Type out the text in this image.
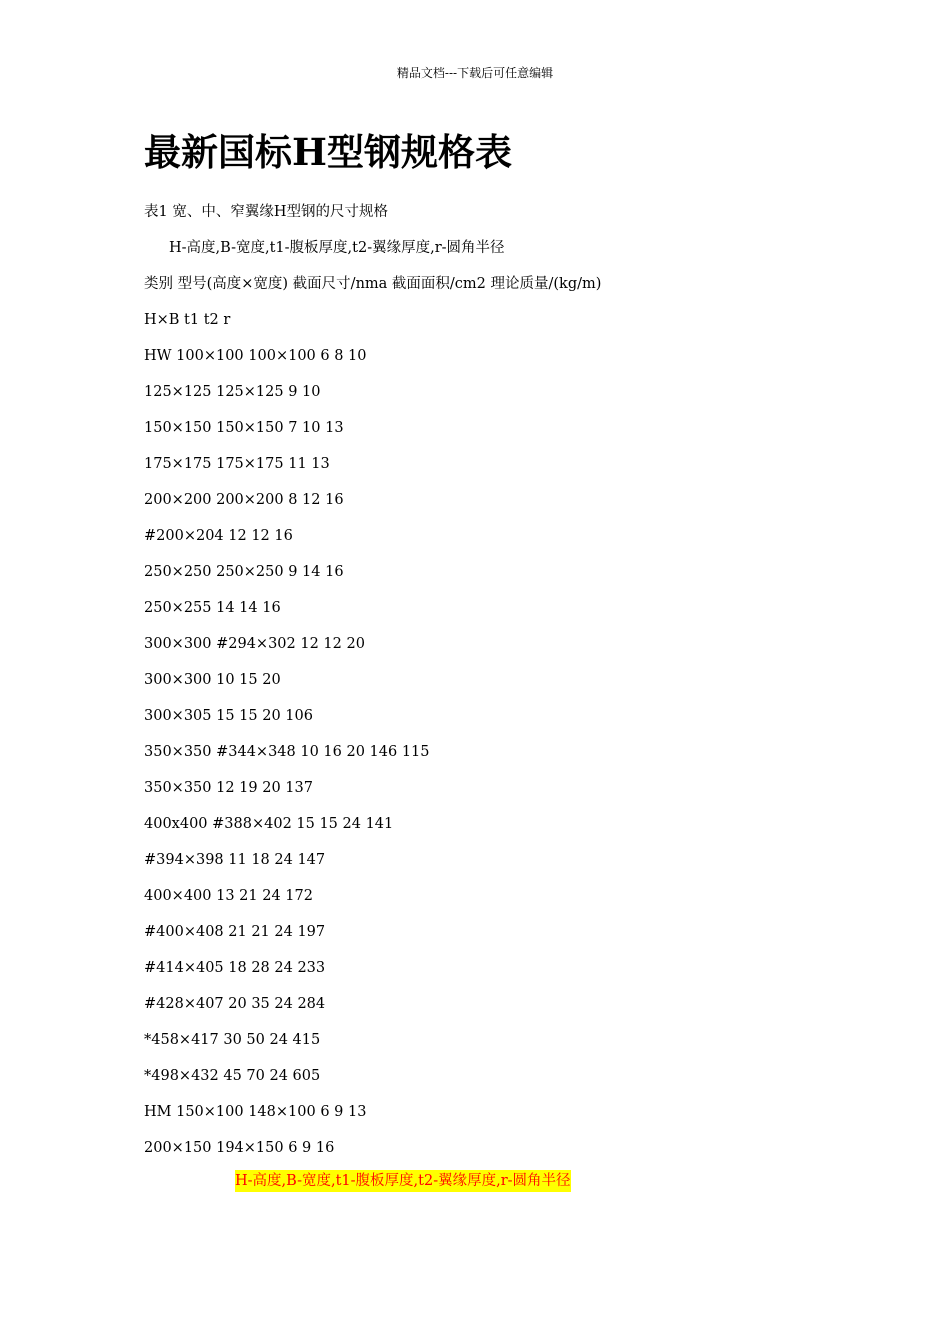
精品文档---下载后可任意编辑
最新国标H型钢规格表
表1 宽、中、窄翼缘H型钢的尺寸规格
H-高度,B-宽度,t1-腹板厚度,t2-翼缘厚度,r-圆角半径
类别 型号(高度×宽度) 截面尺寸/nma 截面面积/cm2 理论质量/(kg/m)
H×B t1 t2 r
HW 100×100 100×100 6 8 10
125×125 125×125 9 10
150×150 150×150 7 10 13
175×175 175×175 11 13
200×200 200×200 8 12 16
#200×204 12 12 16
250×250 250×250 9 14 16
250×255 14 14 16
300×300 #294×302 12 12 20
300×300 10 15 20
300×305 15 15 20 106
350×350 #344×348 10 16 20 146 115
350×350 12 19 20 137
400x400 #388×402 15 15 24 141
#394×398 11 18 24 147
400×400 13 21 24 172
#400×408 21 21 24 197
#414×405 18 28 24 233
#428×407 20 35 24 284
*458×417 30 50 24 415
*498×432 45 70 24 605
HM 150×100 148×100 6 9 13
200×150 194×150 6 9 16
H-高度,B-宽度,t1-腹板厚度,t2-翼缘厚度,r-圆角半径
